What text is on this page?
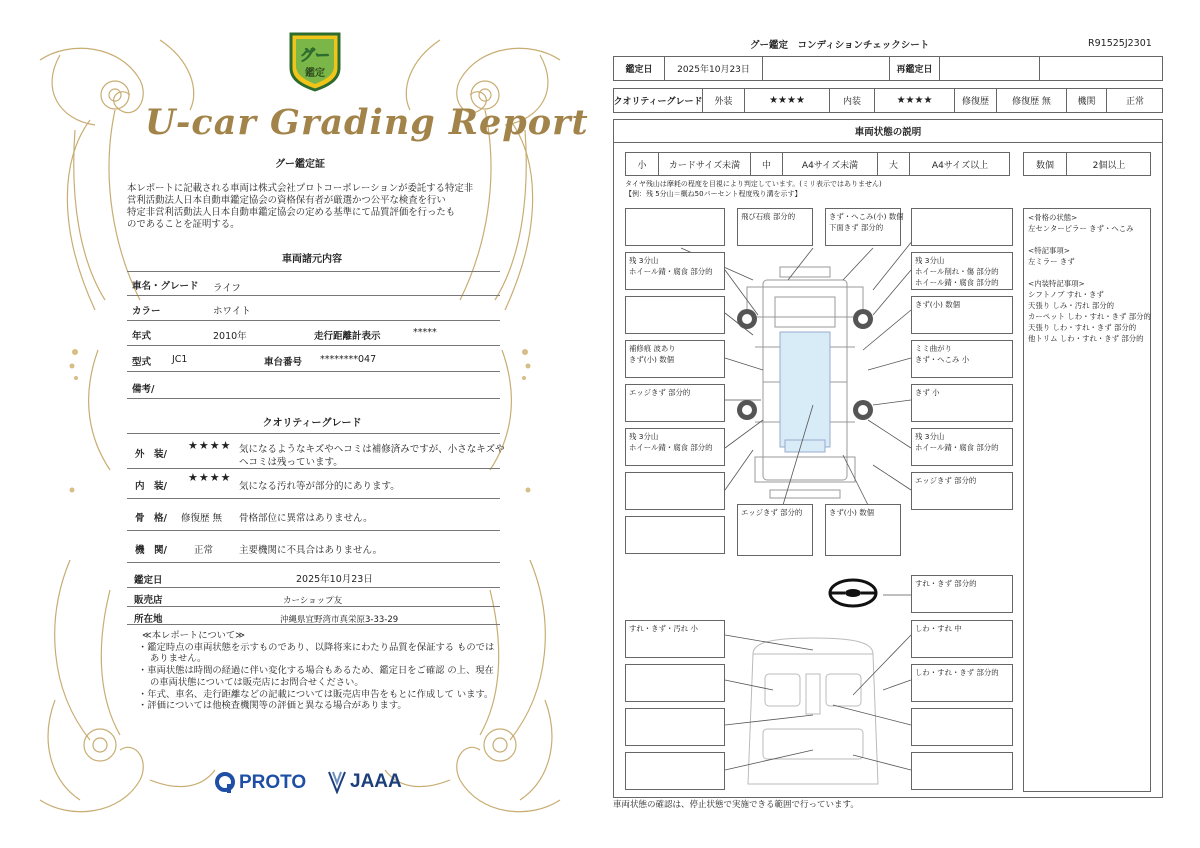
グー
鑑定
U-car Grading Report
グー鑑定証
本レポートに記載される車両は株式会社プロトコーポレーションが委託する特定非
営利活動法人日本自動車鑑定協会の資格保有者が厳選かつ公平な検査を行い
特定非営利活動法人日本自動車鑑定協会の定める基準にて品質評価を行ったも
のであることを証明する。
車両諸元内容
車名・グレード ライフ
カラー	ホワイト
年式	2010年	走行距離計表示	*****
型式 JC1	車台番号 ********047
備考/
クオリティーグレード
外　装/
★★★★ 気になるようなキズやヘコミは補修済みですが、小さなキズや
ヘコミは残っています。
内　装/
★★★★
気になる汚れ等が部分的にあります。
骨　格/ 修復歴 無 骨格部位に異常はありません。
機　関/	正常	主要機関に不具合はありません。
鑑定日	2025年10月23日
販売店	カーショップ友
所在地	沖縄県宜野湾市真栄原3-33-29
≪本レポートについて≫
・鑑定時点の車両状態を示すものであり、以降将来にわたり品質を保証する ものではありません。
・車両状態は時間の経過に伴い変化する場合もあるため、鑑定日をご確認 の上、現在の車両状態については販売店にお問合せください。
・年式、車名、走行距離などの記載については販売店申告をもとに作成して います。
・評価については他検査機関等の評価と異なる場合があります。
PROTO JAAA
グー鑑定　コンディションチェックシート	R91525J2301
鑑定日	2025年10月23日	再鑑定日
クオリティーグレード	外装	★★★★	内装	★★★★	修復歴	修復歴 無	機関	正常
車両状態の説明
小	カードサイズ未満	中	A4サイズ未満	大	A4サイズ以上	数個	2個以上
タイヤ残山は摩耗の程度を目視により判定しています。(ミリ表示ではありません)
【例：残 5分山＝概ね50パーセント程度残り溝を示す】
飛び石痕 部分的	きず・へこみ(小) 数個
下面きず 部分的
残 3分山
ホイール錆・腐食 部分的
残 3分山
ホイール削れ・傷 部分的
ホイール錆・腐食 部分的
きず(小) 数個
補修痕 波あり
きず(小) 数個
ミミ曲がり
きず・へこみ 小
エッジきず 部分的	きず 小
残 3分山
ホイール錆・腐食 部分的
残 3分山
ホイール錆・腐食 部分的
エッジきず 部分的
エッジきず 部分的	きず(小) 数個
すれ・きず 部分的
すれ・きず・汚れ 小	しわ・すれ 中
しわ・すれ・きず 部分的
<骨格の状態>
左センターピラー きず・へこみ
<特記事項>
左ミラー きず
<内装特記事項>
シフトノブ すれ・きず
天張り しみ・汚れ 部分的
カーペット しわ・すれ・きず 部分的
天張り しわ・すれ・きず 部分的
他トリム しわ・すれ・きず 部分的
車両状態の確認は、停止状態で実施できる範囲で行っています。
